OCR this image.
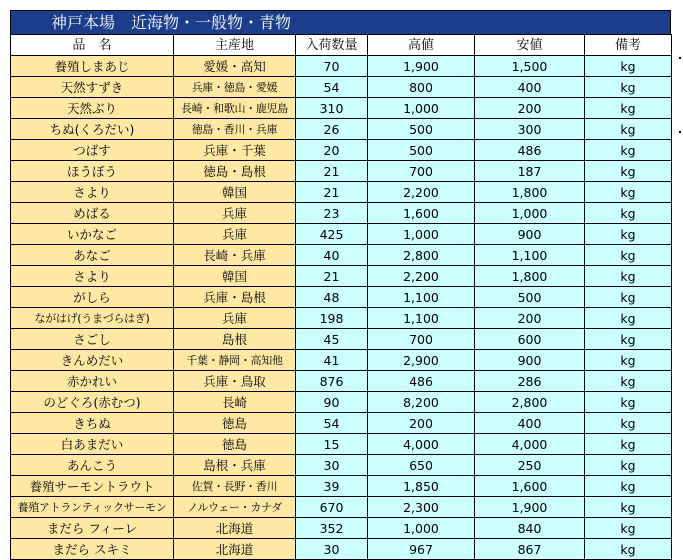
神戸本場　近海物・一般物・青物
品　名	主産地	入荷数量	高値	安値	備考
養殖しまあじ	愛媛・高知	70	1,900	1,500	kg
天然すずき	兵庫・徳島・愛媛	54	800	400	kg
天然ぶり	長崎・和歌山・鹿児島	310	1,000	200	kg
ちぬ(くろだい)	徳島・香川・兵庫	26	500	300	kg
つばす	兵庫・千葉	20	500	486	kg
ほうぼう	徳島・島根	21	700	187	kg
さより	韓国	21	2,200	1,800	kg
めばる	兵庫	23	1,600	1,000	kg
いかなご	兵庫	425	1,000	900	kg
あなご	長崎・兵庫	40	2,800	1,100	kg
さより	韓国	21	2,200	1,800	kg
がしら	兵庫・島根	48	1,100	500	kg
ながはげ(うまづらはぎ)	兵庫	198	1,100	200	kg
さごし	島根	45	700	600	kg
きんめだい	千葉・静岡・高知他	41	2,900	900	kg
赤かれい	兵庫・鳥取	876	486	286	kg
のどぐろ(赤むつ)	長崎	90	8,200	2,800	kg
きちぬ	徳島	54	200	400	kg
白あまだい	徳島	15	4,000	4,000	kg
あんこう	島根・兵庫	30	650	250	kg
養殖サーモントラウト	佐賀・長野・香川	39	1,850	1,600	kg
養殖アトランティックサーモン	ノルウェー・カナダ	670	2,300	1,900	kg
まだら フィーレ	北海道	352	1,000	840	kg
まだら スキミ	北海道	30	967	867	kg
